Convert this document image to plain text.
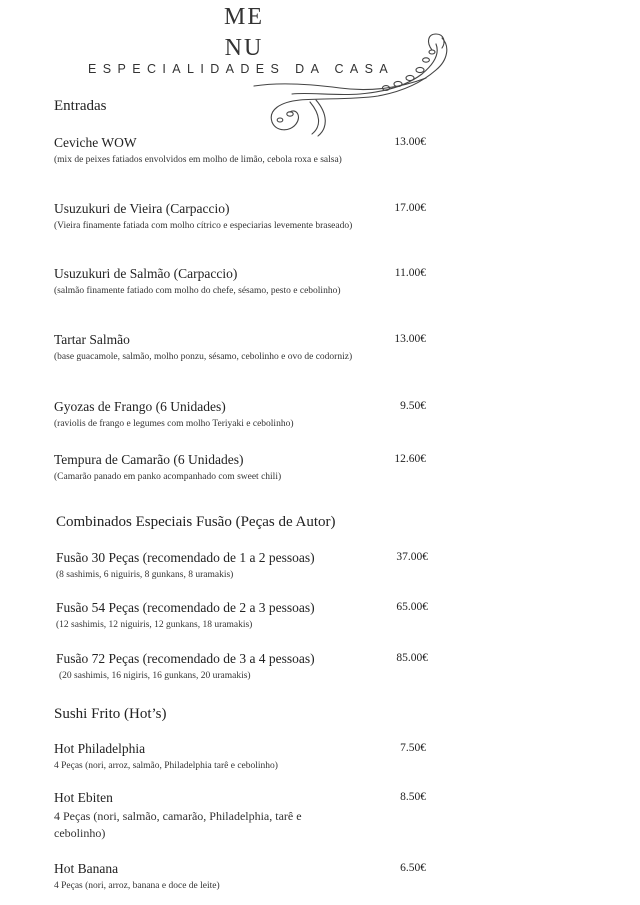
ME
NU
ESPECIALIDADES DA CASA
Entradas
Ceviche WOW
(mix de peixes fatiados envolvidos em molho de limão, cebola roxa e salsa)
13.00€
Usuzukuri de Vieira (Carpaccio)
(Vieira finamente fatiada com molho cítrico e especiarias levemente braseado)
17.00€
Usuzukuri de Salmão (Carpaccio)
(salmão finamente fatiado com molho do chefe, sésamo, pesto e cebolinho)
11.00€
Tartar Salmão
(base guacamole, salmão, molho ponzu, sésamo, cebolinho e ovo de codorniz)
13.00€
Gyozas de Frango (6 Unidades)
(raviolis de frango e legumes com molho Teriyaki e cebolinho)
9.50€
Tempura de Camarão (6 Unidades)
(Camarão panado em panko acompanhado com sweet chili)
12.60€
Combinados Especiais Fusão (Peças de Autor)
Fusão 30 Peças (recomendado de 1 a 2 pessoas)
(8 sashimis, 6 niguiris, 8 gunkans, 8 uramakis)
37.00€
Fusão 54 Peças (recomendado de 2 a 3 pessoas)
(12 sashimis, 12 niguiris, 12 gunkans, 18 uramakis)
65.00€
Fusão 72 Peças (recomendado de 3 a 4 pessoas)
(20 sashimis, 16 nigiris, 16 gunkans, 20 uramakis)
85.00€
Sushi Frito (Hot’s)
Hot Philadelphia
4 Peças (nori, arroz, salmão, Philadelphia tarê e cebolinho)
7.50€
Hot Ebiten
4 Peças (nori, salmão, camarão, Philadelphia, tarê e cebolinho)
8.50€
Hot Banana
4 Peças (nori, arroz, banana e doce de leite)
6.50€
